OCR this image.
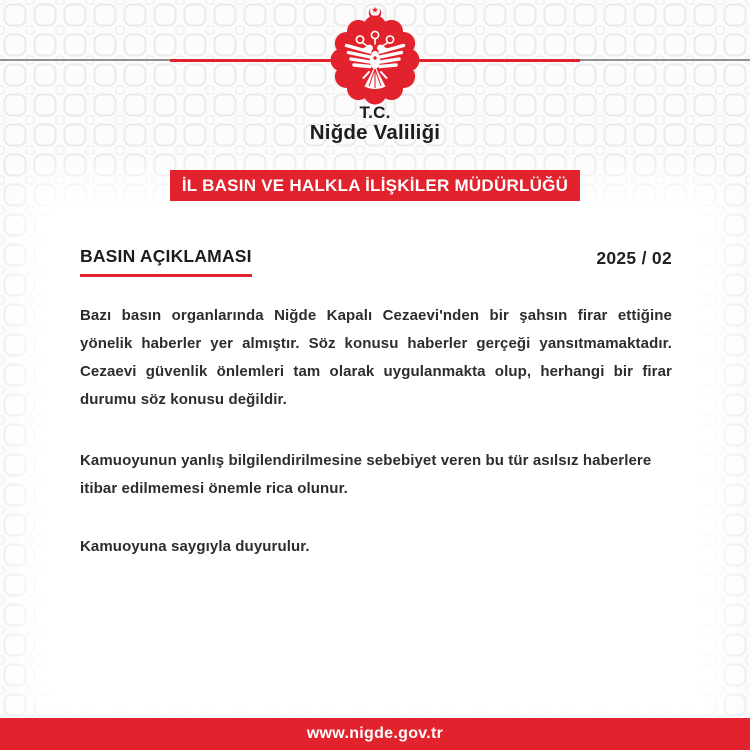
T.C.
Niğde Valiliği
İL BASIN VE HALKLA İLİŞKİLER MÜDÜRLÜĞÜ
BASIN AÇIKLAMASI	2025 / 02

Bazı basın organlarında Niğde Kapalı Cezaevi'nden bir şahsın firar ettiğine yönelik haberler yer almıştır. Söz konusu haberler gerçeği yansıtmamaktadır. Cezaevi güvenlik önlemleri tam olarak uygulanmakta olup, herhangi bir firar durumu söz konusu değildir.

Kamuoyunun yanlış bilgilendirilmesine sebebiyet veren bu tür asılsız haberlere itibar edilmemesi önemle rica olunur.

Kamuoyuna saygıyla duyurulur.

www.nigde.gov.tr
